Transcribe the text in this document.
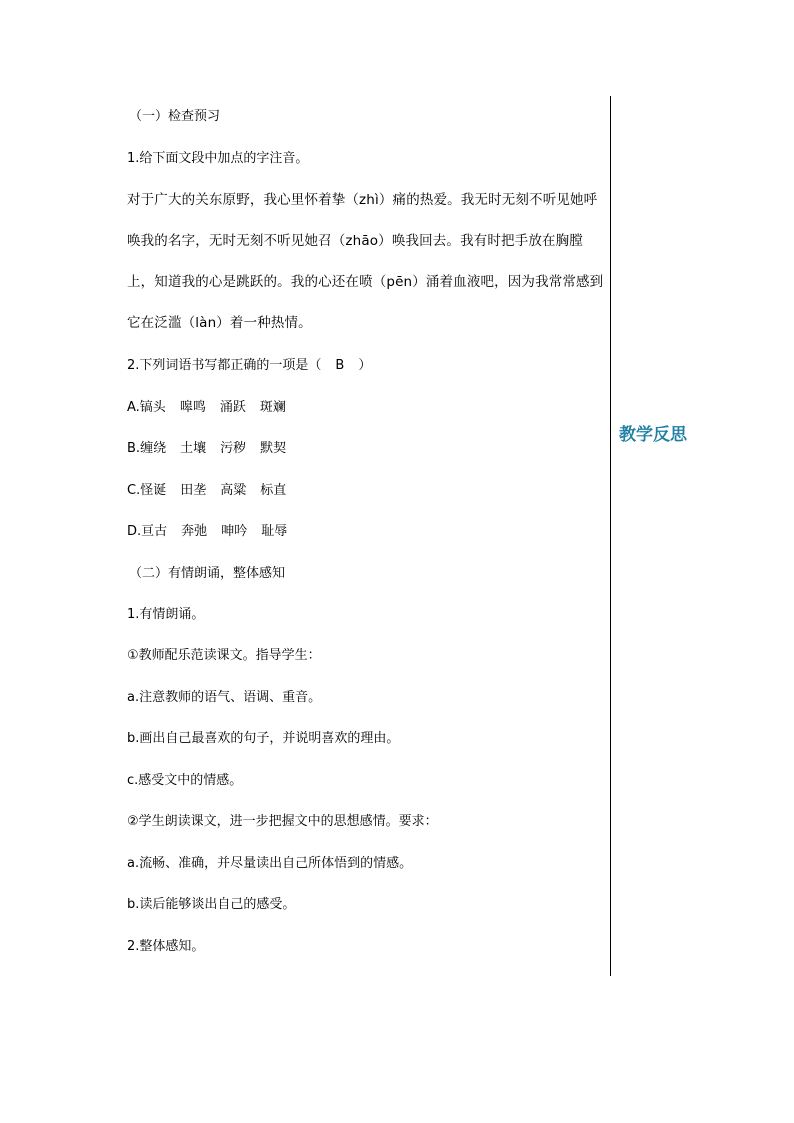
（一）检查预习

1.给下面文段中加点的字注音。

对于广大的关东原野，我心里怀着挚（zhì）痛的热爱。我无时无刻不听见她呼唤我的名字，无时无刻不听见她召（zhāo）唤我回去。我有时把手放在胸膛上，知道我的心是跳跃的。我的心还在喷（pēn）涌着血液吧，因为我常常感到它在泛滥（làn）着一种热情。

2.下列词语书写都正确的一项是（ B ）

A.镐头 嗥鸣 涌跃 斑斓

B.缠绕 土壤 污秽 默契

C.怪诞 田垄 高粱 标直

D.亘古 奔弛 呻吟 耻辱

（二）有情朗诵，整体感知

1.有情朗诵。

①教师配乐范读课文。指导学生：

a.注意教师的语气、语调、重音。

b.画出自己最喜欢的句子，并说明喜欢的理由。

c.感受文中的情感。

②学生朗读课文，进一步把握文中的思想感情。要求：

a.流畅、准确，并尽量读出自己所体悟到的情感。

b.读后能够谈出自己的感受。

2.整体感知。

教学反思
